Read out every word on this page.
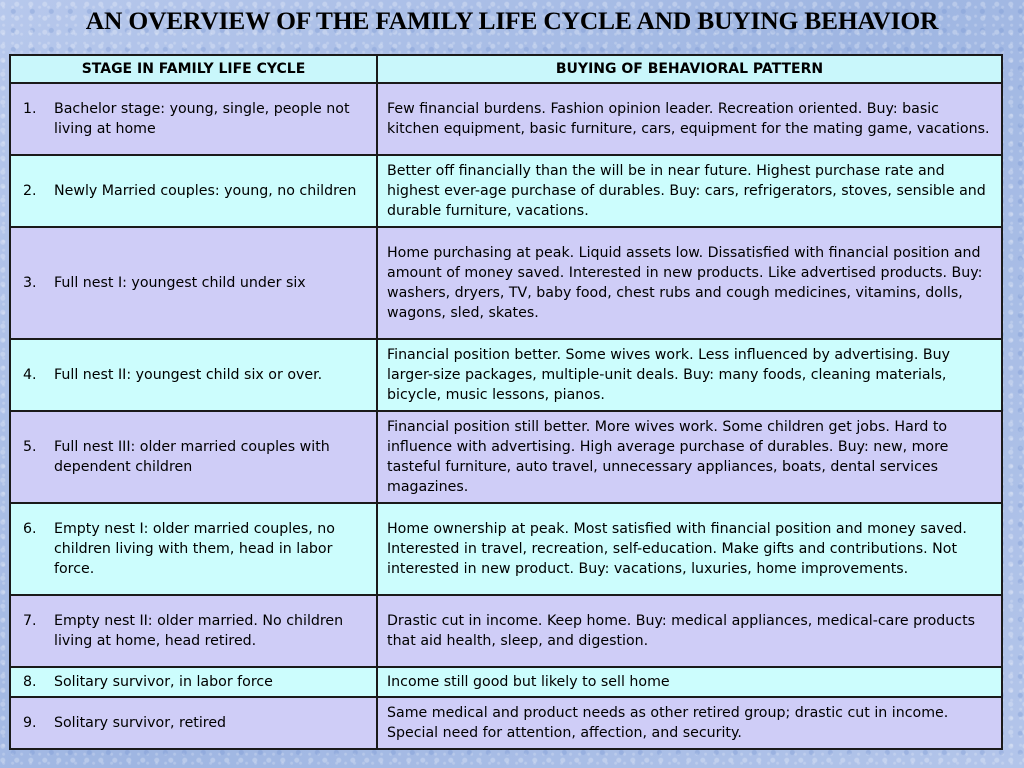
AN OVERVIEW OF THE FAMILY LIFE CYCLE AND BUYING BEHAVIOR
STAGE IN FAMILY LIFE CYCLE	BUYING OF BEHAVIORAL PATTERN

1. Bachelor stage: young, single, people not living at home	Few financial burdens. Fashion opinion leader. Recreation oriented. Buy: basic kitchen equipment, basic furniture, cars, equipment for the mating game, vacations.

2. Newly Married couples: young, no children	Better off financially than the will be in near future. Highest purchase rate and highest ever-age purchase of durables. Buy: cars, refrigerators, stoves, sensible and durable furniture, vacations.

3. Full nest I: youngest child under six	Home purchasing at peak. Liquid assets low. Dissatisfied with financial position and amount of money saved. Interested in new products. Like advertised products. Buy: washers, dryers, TV, baby food, chest rubs and cough medicines, vitamins, dolls, wagons, sled, skates.

4. Full nest II: youngest child six or over.	Financial position better. Some wives work. Less influenced by advertising. Buy larger-size packages, multiple-unit deals. Buy: many foods, cleaning materials, bicycle, music lessons, pianos.

5. Full nest III: older married couples with dependent children	Financial position still better. More wives work. Some children get jobs. Hard to influence with advertising. High average purchase of durables. Buy: new, more tasteful furniture, auto travel, unnecessary appliances, boats, dental services magazines.

6. Empty nest I: older married couples, no children living with them, head in labor force.	Home ownership at peak. Most satisfied with financial position and money saved. Interested in travel, recreation, self-education. Make gifts and contributions. Not interested in new product. Buy: vacations, luxuries, home improvements.

7. Empty nest II: older married. No children living at home, head retired.	Drastic cut in income. Keep home. Buy: medical appliances, medical-care products that aid health, sleep, and digestion.

8. Solitary survivor, in labor force	Income still good but likely to sell home

9. Solitary survivor, retired	Same medical and product needs as other retired group; drastic cut in income. Special need for attention, affection, and security.
